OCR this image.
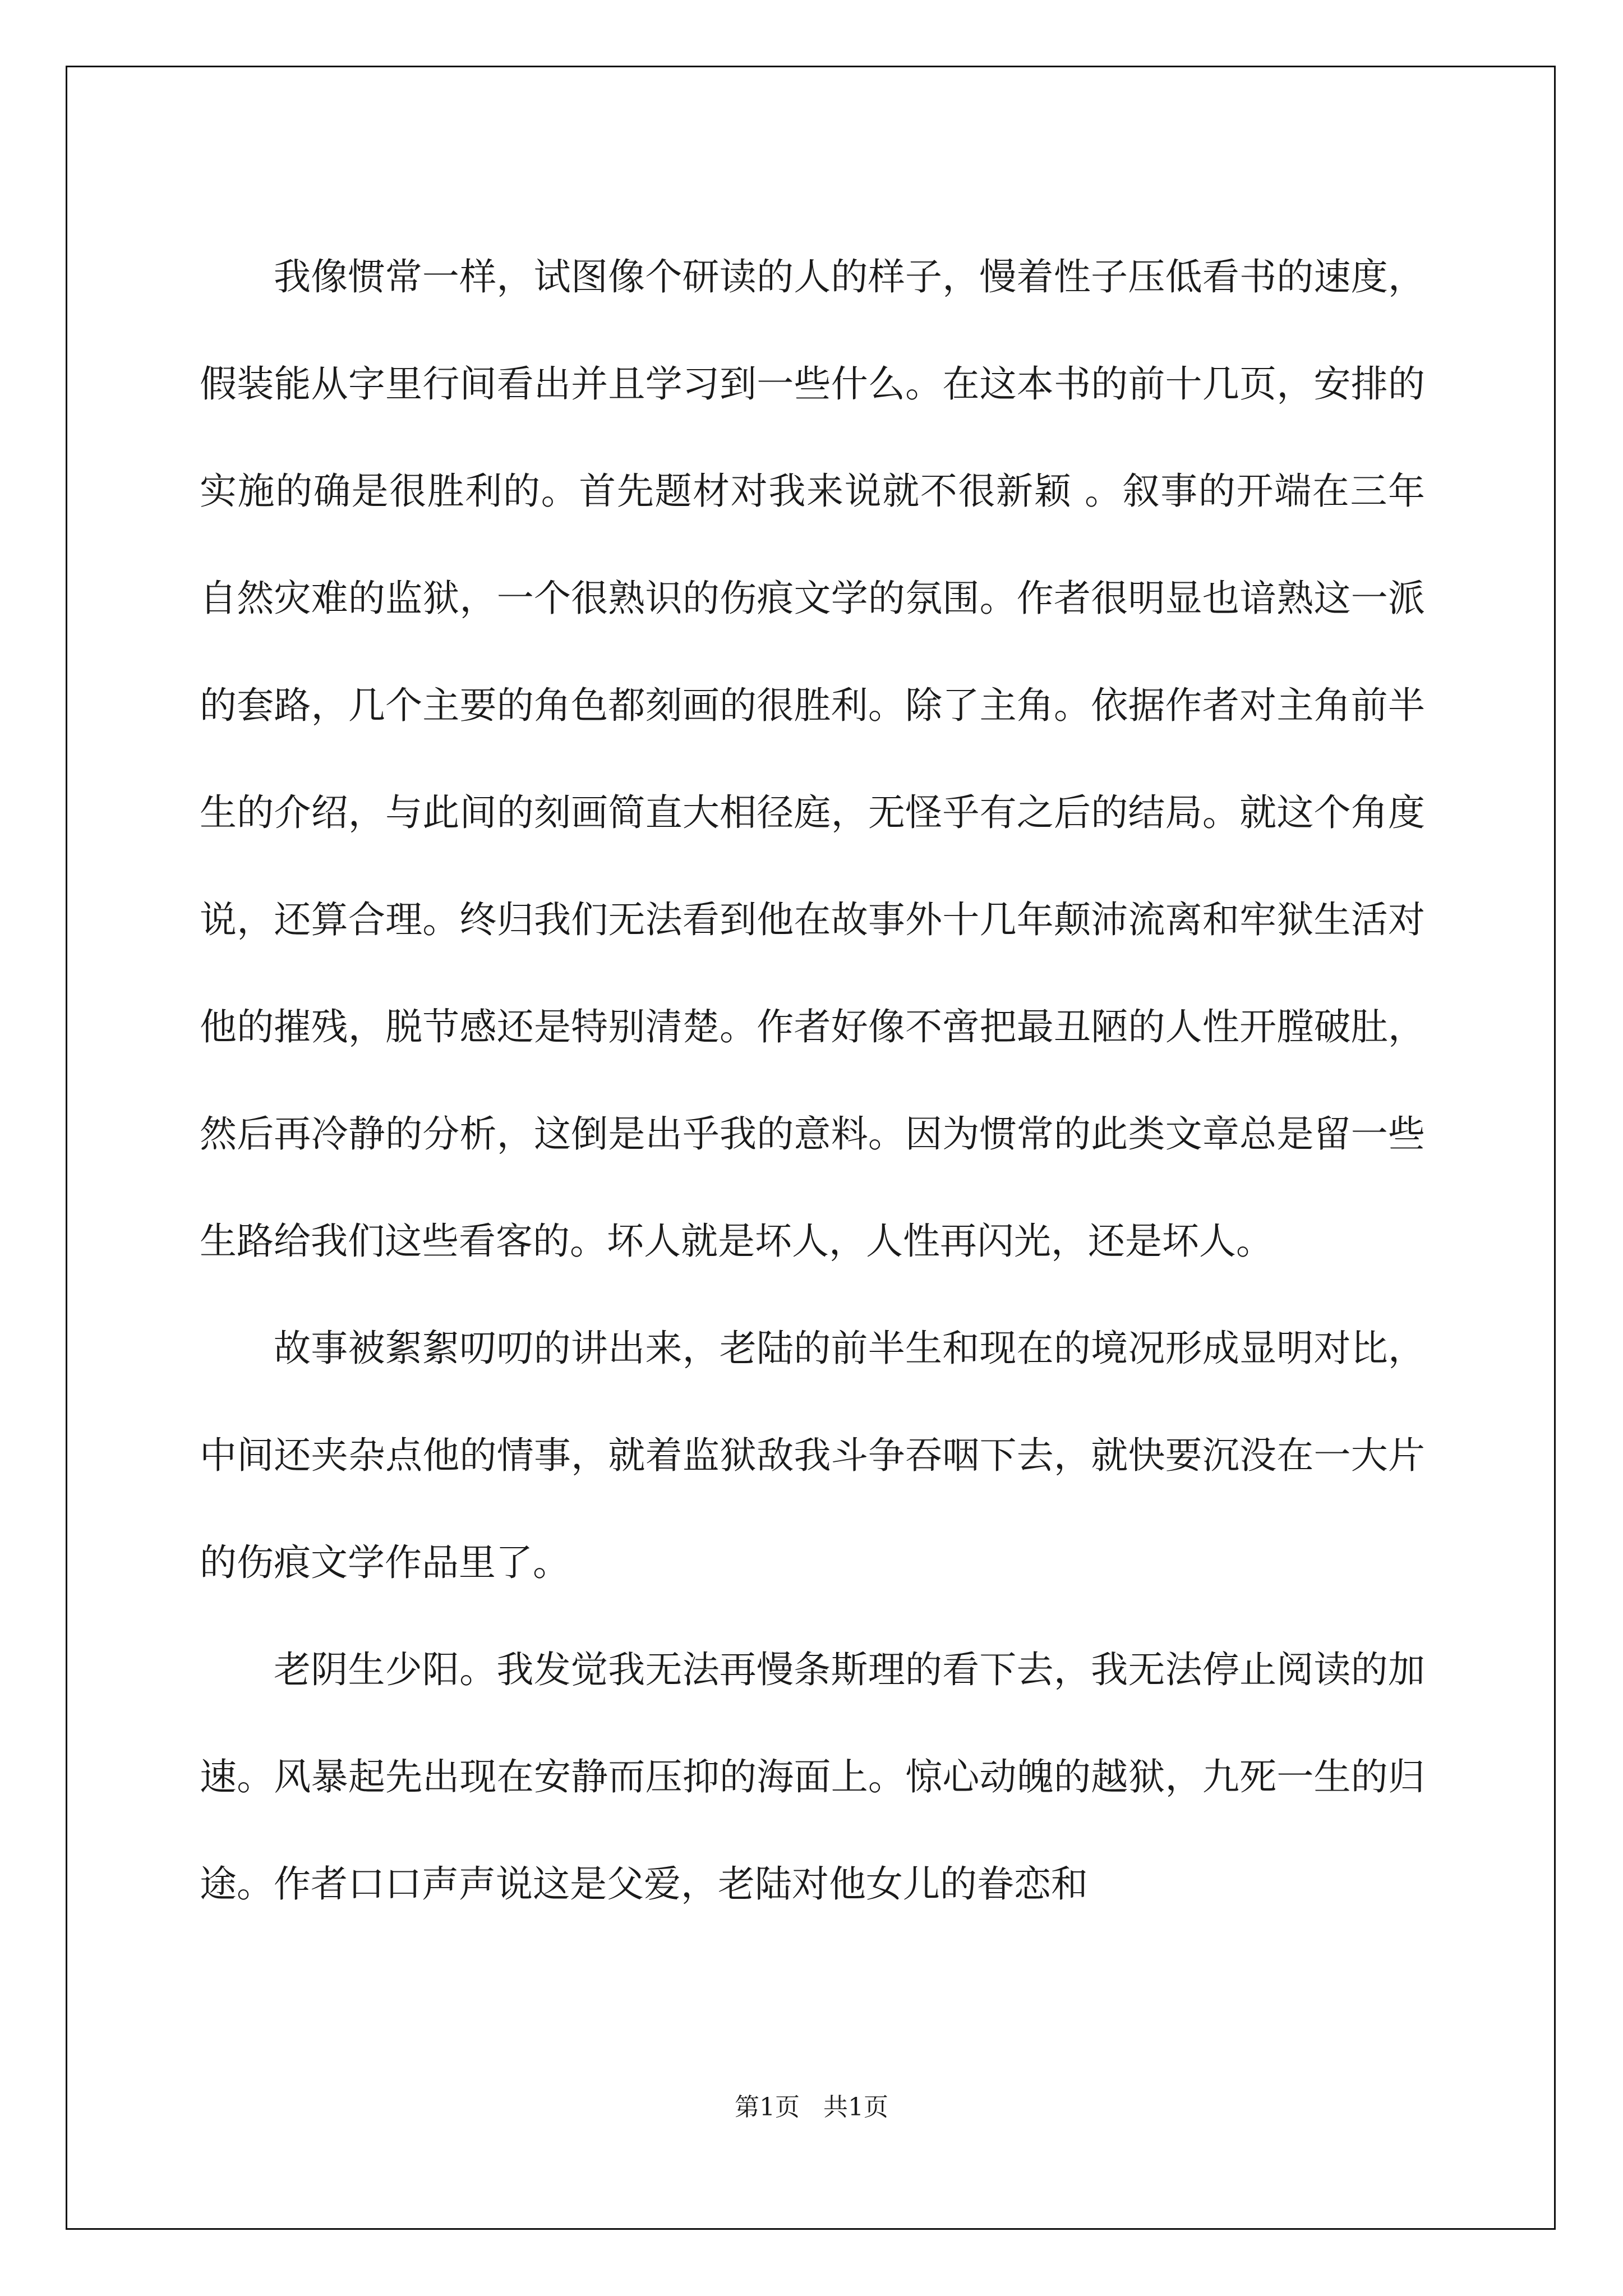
我像惯常一样，试图像个研读的人的样子，慢着性子压低看书的速度，假装能从字里行间看出并且学习到一些什么。在这本书的前十几页，安排的实施的确是很胜利的。首先题材对我来说就不很新颖 。叙事的开端在三年自然灾难的监狱，一个很熟识的伤痕文学的氛围。作者很明显也谙熟这一派的套路，几个主要的角色都刻画的很胜利。除了主角。依据作者对主角前半生的介绍，与此间的刻画简直大相径庭，无怪乎有之后的结局。就这个角度说，还算合理。终归我们无法看到他在故事外十几年颠沛流离和牢狱生活对他的摧残，脱节感还是特别清楚。作者好像不啻把最丑陋的人性开膛破肚，然后再冷静的分析，这倒是出乎我的意料。因为惯常的此类文章总是留一些生路给我们这些看客的。坏人就是坏人，人性再闪光，还是坏人。

故事被絮絮叨叨的讲出来，老陆的前半生和现在的境况形成显明对比，中间还夹杂点他的情事，就着监狱敌我斗争吞咽下去，就快要沉没在一大片的伤痕文学作品里了。

老阴生少阳。我发觉我无法再慢条斯理的看下去，我无法停止阅读的加速。风暴起先出现在安静而压抑的海面上。惊心动魄的越狱，九死一生的归途。作者口口声声说这是父爱，老陆对他女儿的眷恋和

第1页 共1页
